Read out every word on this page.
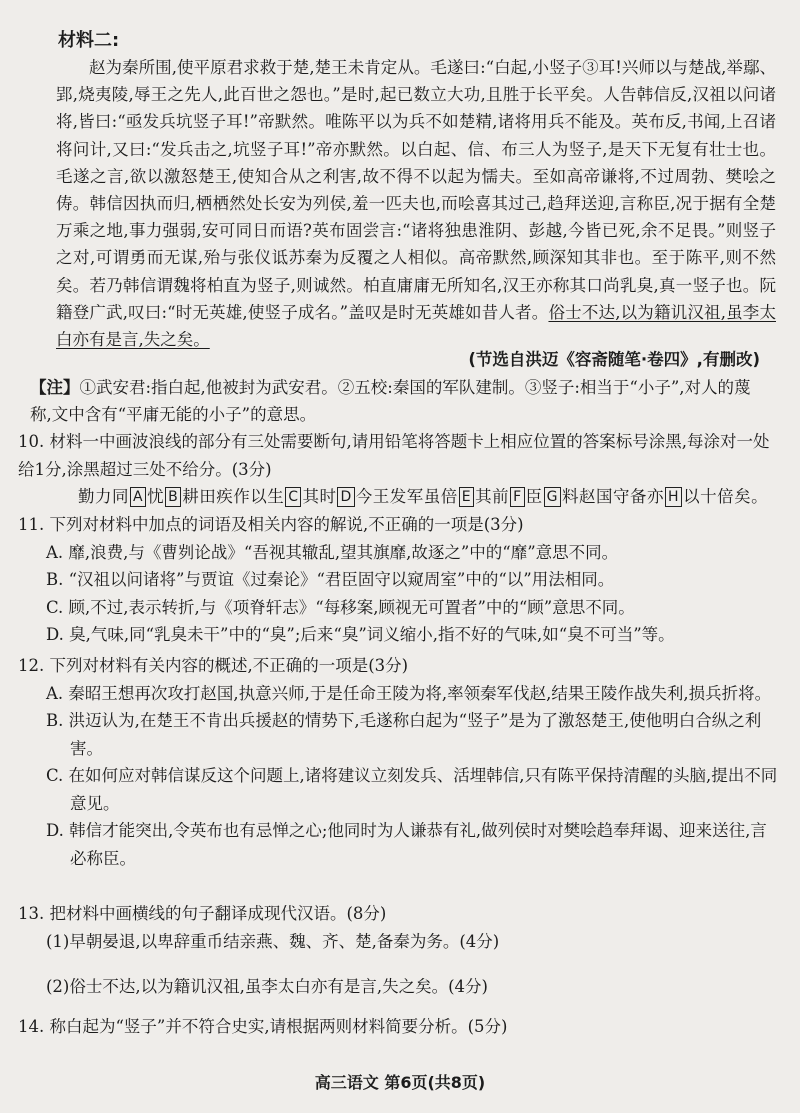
材料二:
赵为秦所围,使平原君求救于楚,楚王未肯定从。毛遂曰:“白起,小竖子③耳!兴师以与楚战,举鄢、郢,烧夷陵,辱王之先人,此百世之怨也。”是时,起已数立大功,且胜于长平矣。人告韩信反,汉祖以问诸将,皆曰:“亟发兵坑竖子耳!”帝默然。唯陈平以为兵不如楚精,诸将用兵不能及。英布反,书闻,上召诸将问计,又曰:“发兵击之,坑竖子耳!”帝亦默然。以白起、信、布三人为竖子,是天下无复有壮士也。毛遂之言,欲以激怒楚王,使知合从之利害,故不得不以起为懦夫。至如高帝谦将,不过周勃、樊哙之俦。韩信因执而归,栖栖然处长安为列侯,羞一匹夫也,而哙喜其过己,趋拜送迎,言称臣,况于据有全楚万乘之地,事力强弱,安可同日而语?英布固尝言:“诸将独患淮阴、彭越,今皆已死,余不足畏。”则竖子之对,可谓勇而无谋,殆与张仪诋苏秦为反覆之人相似。高帝默然,顾深知其非也。至于陈平,则不然矣。若乃韩信谓魏将柏直为竖子,则诚然。柏直庸庸无所知名,汉王亦称其口尚乳臭,真一竖子也。阮籍登广武,叹曰:“时无英雄,使竖子成名。”盖叹是时无英雄如昔人者。俗士不达,以为籍讥汉祖,虽李太白亦有是言,失之矣。
(节选自洪迈《容斋随笔·卷四》,有删改)
【注】①武安君:指白起,他被封为武安君。②五校:秦国的军队建制。③竖子:相当于“小子”,对人的蔑称,文中含有“平庸无能的小子”的意思。
10. 材料一中画波浪线的部分有三处需要断句,请用铅笔将答题卡上相应位置的答案标号涂黑,每涂对一处给1分,涂黑超过三处不给分。(3分)
勤力同 A 忧 B 耕田疾作以生 C 其时 D 今王发军虽倍 E 其前 F 臣 G 料赵国守备亦 H 以十倍矣。
11. 下列对材料中加点的词语及相关内容的解说,不正确的一项是(3分)
A. 靡,浪费,与《曹刿论战》“吾视其辙乱,望其旗靡,故逐之”中的“靡”意思不同。
B. “汉祖以问诸将”与贾谊《过秦论》“君臣固守以窥周室”中的“以”用法相同。
C. 顾,不过,表示转折,与《项脊轩志》“每移案,顾视无可置者”中的“顾”意思不同。
D. 臭,气味,同“乳臭未干”中的“臭”;后来“臭”词义缩小,指不好的气味,如“臭不可当”等。
12. 下列对材料有关内容的概述,不正确的一项是(3分)
A. 秦昭王想再次攻打赵国,执意兴师,于是任命王陵为将,率领秦军伐赵,结果王陵作战失利,损兵折将。
B. 洪迈认为,在楚王不肯出兵援赵的情势下,毛遂称白起为“竖子”是为了激怒楚王,使他明白合纵之利害。
C. 在如何应对韩信谋反这个问题上,诸将建议立刻发兵、活埋韩信,只有陈平保持清醒的头脑,提出不同意见。
D. 韩信才能突出,令英布也有忌惮之心;他同时为人谦恭有礼,做列侯时对樊哙趋奉拜谒、迎来送往,言必称臣。
13. 把材料中画横线的句子翻译成现代汉语。(8分)
(1)早朝晏退,以卑辞重币结亲燕、魏、齐、楚,备秦为务。(4分)
(2)俗士不达,以为籍讥汉祖,虽李太白亦有是言,失之矣。(4分)
14. 称白起为“竖子”并不符合史实,请根据两则材料简要分析。(5分)
高三语文 第6页(共8页)
